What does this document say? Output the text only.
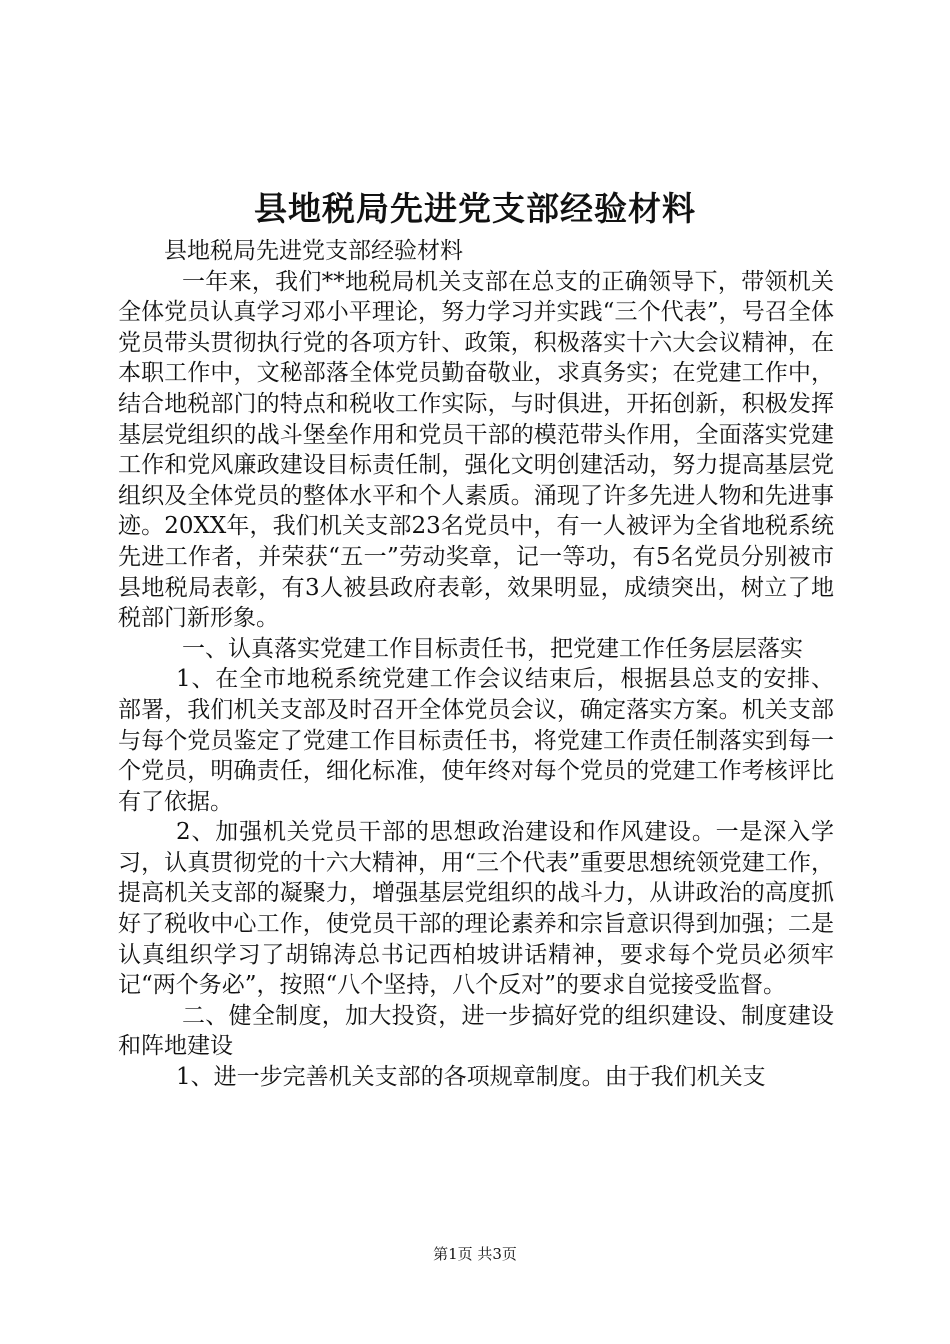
县地税局先进党支部经验材料

县地税局先进党支部经验材料

一年来，我们**地税局机关支部在总支的正确领导下，带领机关全体党员认真学习邓小平理论，努力学习并实践“三个代表”，号召全体党员带头贯彻执行党的各项方针、政策，积极落实十六大会议精神，在本职工作中，文秘部落全体党员勤奋敬业，求真务实；在党建工作中，结合地税部门的特点和税收工作实际，与时俱进，开拓创新，积极发挥基层党组织的战斗堡垒作用和党员干部的模范带头作用，全面落实党建工作和党风廉政建设目标责任制，强化文明创建活动，努力提高基层党组织及全体党员的整体水平和个人素质。涌现了许多先进人物和先进事迹。20XX年，我们机关支部23名党员中，有一人被评为全省地税系统先进工作者，并荣获“五一”劳动奖章，记一等功，有5名党员分别被市县地税局表彰，有3人被县政府表彰，效果明显，成绩突出，树立了地税部门新形象。

一、认真落实党建工作目标责任书，把党建工作任务层层落实

1、在全市地税系统党建工作会议结束后，根据县总支的安排、部署，我们机关支部及时召开全体党员会议，确定落实方案。机关支部与每个党员鉴定了党建工作目标责任书，将党建工作责任制落实到每一个党员，明确责任，细化标准，使年终对每个党员的党建工作考核评比有了依据。

2、加强机关党员干部的思想政治建设和作风建设。一是深入学习，认真贯彻党的十六大精神，用“三个代表”重要思想统领党建工作，提高机关支部的凝聚力，增强基层党组织的战斗力，从讲政治的高度抓好了税收中心工作，使党员干部的理论素养和宗旨意识得到加强；二是认真组织学习了胡锦涛总书记西柏坡讲话精神，要求每个党员必须牢记“两个务必”，按照“八个坚持，八个反对”的要求自觉接受监督。

二、健全制度，加大投资，进一步搞好党的组织建设、制度建设和阵地建设

1、进一步完善机关支部的各项规章制度。由于我们机关支

第1页 共3页
